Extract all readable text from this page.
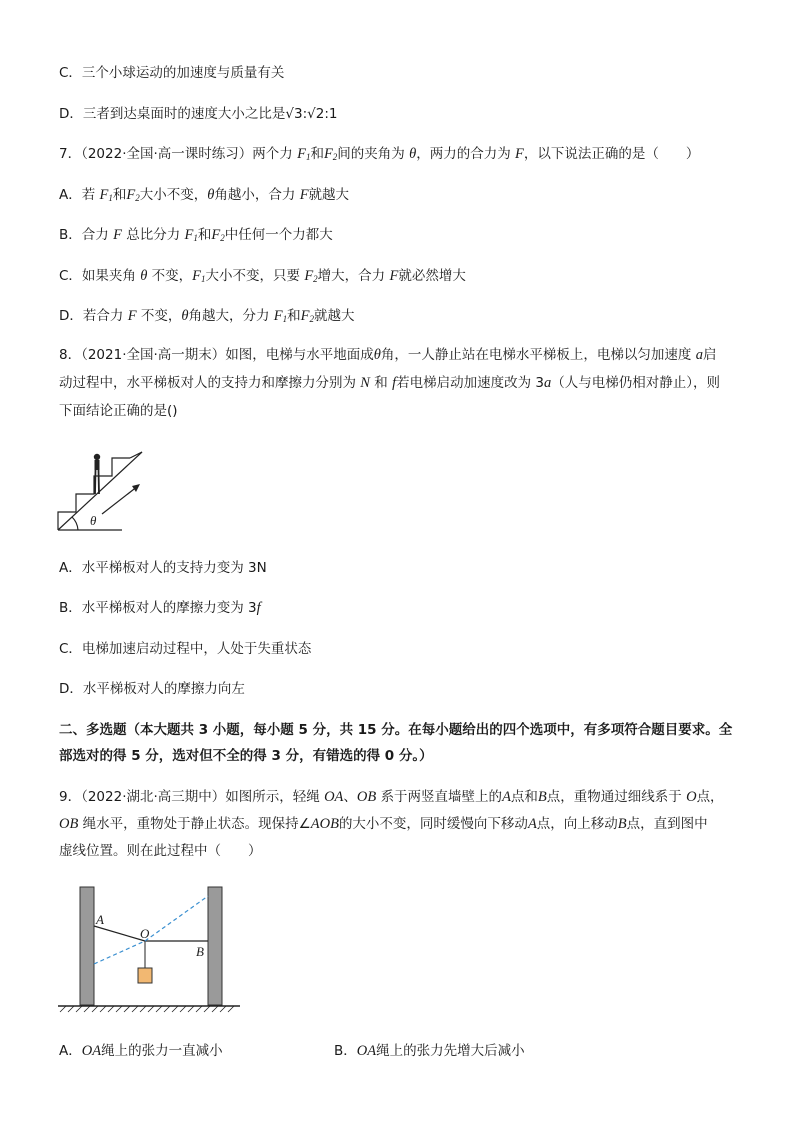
C．三个小球运动的加速度与质量有关
D．三者到达桌面时的速度大小之比是√3:√2:1
7．（2022·全国·高一课时练习）两个力 $F_1$和$F_2$间的夹角为 θ，两力的合力为 F，以下说法正确的是（　　）
A．若 $F_1$和$F_2$大小不变，θ角越小，合力 F就越大
B．合力 F 总比分力 $F_1$和$F_2$中任何一个力都大
C．如果夹角 θ 不变，$F_1$大小不变，只要 $F_2$增大，合力 F就必然增大
D．若合力 F 不变，θ角越大，分力 $F_1$和$F_2$就越大
8．（2021·全国·高一期末）如图，电梯与水平地面成θ角，一人静止站在电梯水平梯板上，电梯以匀加速度 a启
动过程中，水平梯板对人的支持力和摩擦力分别为 N 和 f若电梯启动加速度改为 3a（人与电梯仍相对静止），则
下面结论正确的是()
θ
A．水平梯板对人的支持力变为 3N
B．水平梯板对人的摩擦力变为 3f
C．电梯加速启动过程中，人处于失重状态
D．水平梯板对人的摩擦力向左
二、多选题（本大题共 3 小题，每小题 5 分，共 15 分。在每小题给出的四个选项中，有多项符合题目要求。全
部选对的得 5 分，选对但不全的得 3 分，有错选的得 0 分。）
9．（2022·湖北·高三期中）如图所示，轻绳 OA、OB 系于两竖直墙壁上的A点和B点，重物通过细线系于 O点，
OB 绳水平，重物处于静止状态。现保持∠AOB的大小不变，同时缓慢向下移动A点，向上移动B点，直到图中
虚线位置。则在此过程中（　　）
A
O
B
A．OA绳上的张力一直减小	B．OA绳上的张力先增大后减小
